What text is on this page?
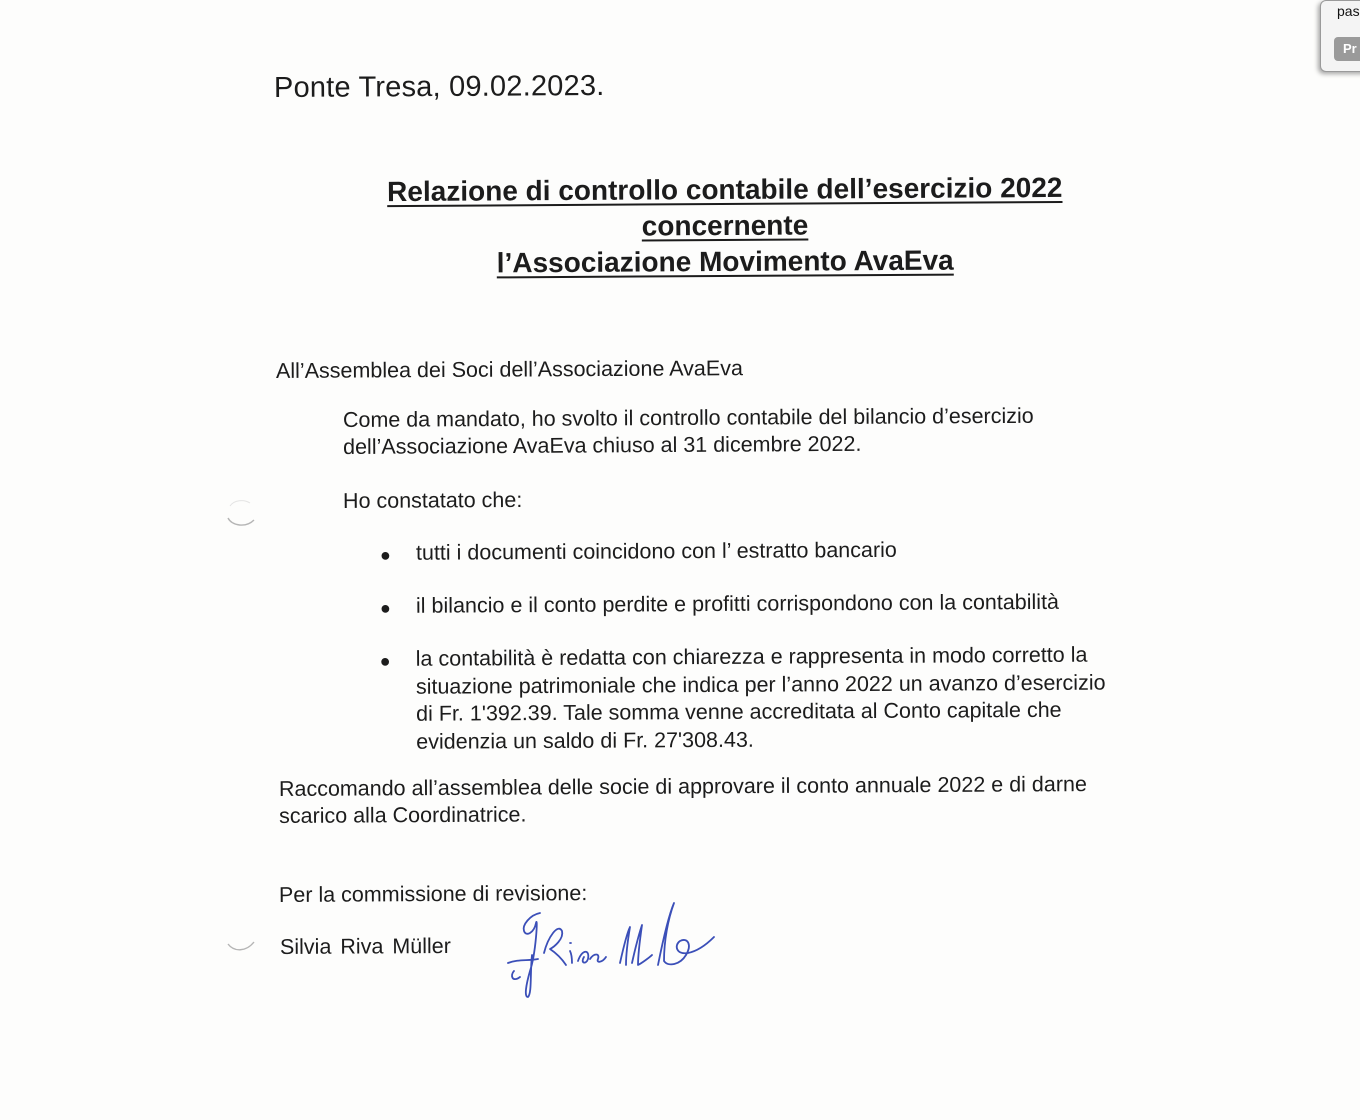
Ponte Tresa, 09.02.2023.
Relazione di controllo contabile dell’esercizio 2022
concernente
l’Associazione Movimento AvaEva
All’Assemblea dei Soci dell’Associazione AvaEva
Come da mandato, ho svolto il controllo contabile del bilancio d’esercizio
dell’Associazione AvaEva chiuso al 31 dicembre 2022.
Ho constatato che:
●	tutti i documenti coincidono con l’ estratto bancario
●	il bilancio e il conto perdite e profitti corrispondono con la contabilità
●	la contabilità è redatta con chiarezza e rappresenta in modo corretto la
situazione patrimoniale che indica per l’anno 2022 un avanzo d’esercizio
di Fr. 1'392.39. Tale somma venne accreditata al Conto capitale che
evidenzia un saldo di Fr. 27'308.43.
Raccomando all’assemblea delle socie di approvare il conto annuale 2022 e di darne
scarico alla Coordinatrice.
Per la commissione di revisione:
Silvia Riva Müller
pas
Pr
